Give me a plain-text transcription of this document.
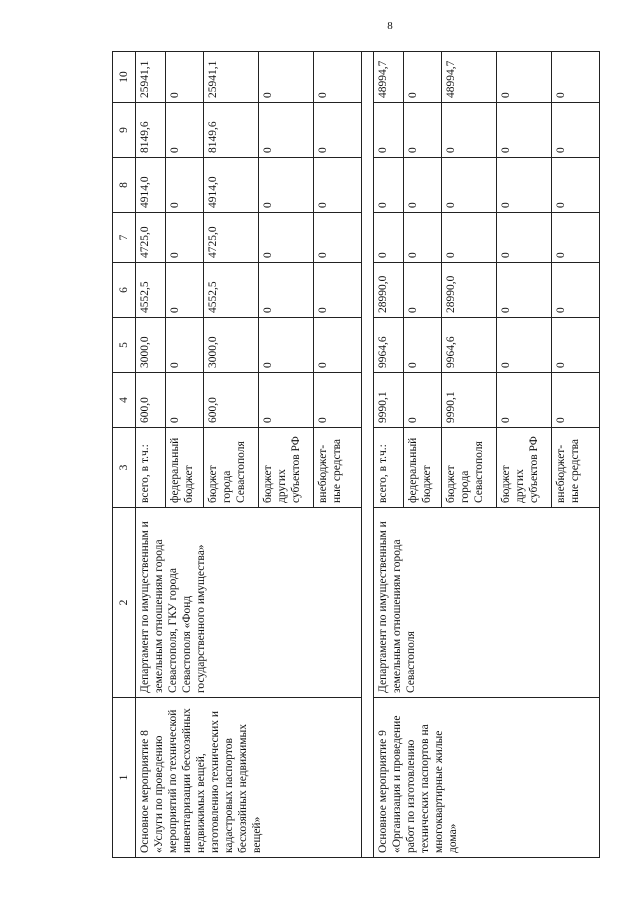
8
1	2	3	4	5	6	7	8	9	10
Основное мероприятие 8 «Услуги по проведению мероприятий по технической инвентаризации бесхозяйных недвижимых вещей, изготовлению технических и кадастровых паспортов бесхозяйных недвижимых вещей»	Департамент по имущественным и земельным отношениям города Севастополя, ГКУ города Севастополя «Фонд государственного имущества»	всего, в т.ч.:	600,0	3000,0	4552,5	4725,0	4914,0	8149,6	25941,1
		федеральный бюджет	0	0	0	0	0	0	0
		бюджет города Севастополя	600,0	3000,0	4552,5	4725,0	4914,0	8149,6	25941,1
		бюджет других субъектов РФ	0	0	0	0	0	0	0
		внебюджет-ные средства	0	0	0	0	0	0	0

Основное мероприятие 9 «Организация и проведение работ по изготовлению технических паспортов на многоквартирные жилые дома»	Департамент по имущественным и земельным отношениям города Севастополя	всего, в т.ч.:	9990,1	9964,6	28990,0	0	0	0	48994,7
		федеральный бюджет	0	0	0	0	0	0	0
		бюджет города Севастополя	9990,1	9964,6	28990,0	0	0	0	48994,7
		бюджет других субъектов РФ	0	0	0	0	0	0	0
		внебюджет-ные средства	0	0	0	0	0	0	0
